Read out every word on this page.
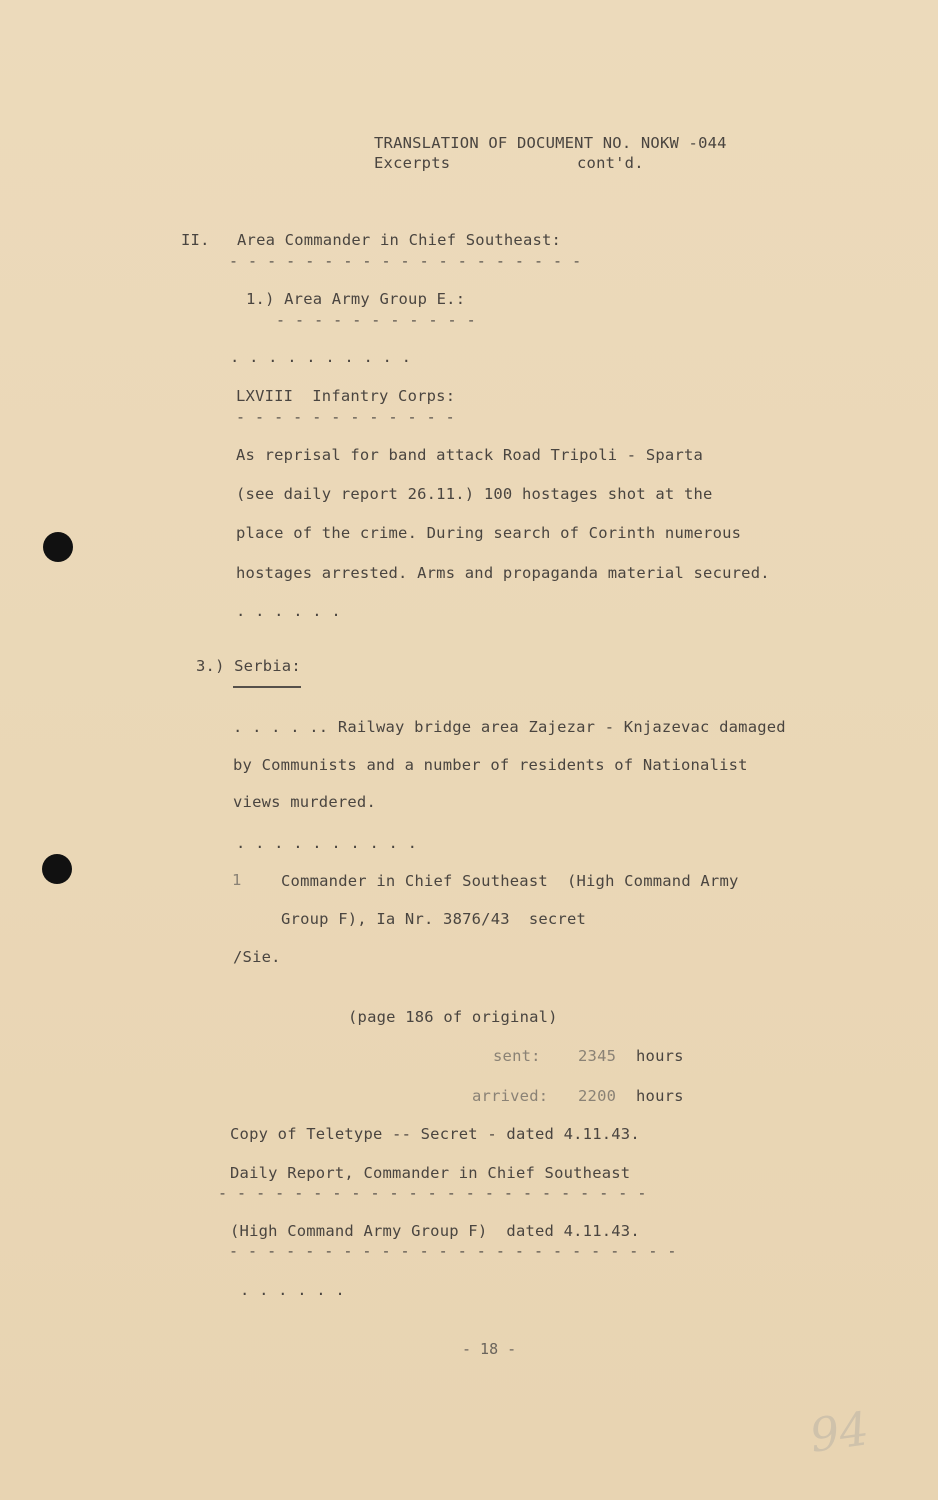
TRANSLATION OF DOCUMENT NO. NOKW -044
Excerpts	cont'd.
II. Area Commander in Chief Southeast:
- - - - - - - - - - - - - - - - - - -
1.) Area Army Group E.:
- - - - - - - - - - -
. . . . . . . . . .
LXVIII  Infantry Corps:
- - - - - - - - - - - -
As reprisal for band attack Road Tripoli - Sparta
(see daily report 26.11.) 100 hostages shot at the
place of the crime. During search of Corinth numerous
hostages arrested. Arms and propaganda material secured.
. . . . . .
3.) Serbia:
. . . . .. Railway bridge area Zajezar - Knjazevac damaged
by Communists and a number of residents of Nationalist
views murdered.
. . . . . . . . . .
1	Commander in Chief Southeast  (High Command Army
Group F), Ia Nr. 3876/43  secret
/Sie.
(page 186 of original)
sent: 2345 hours
arrived: 2200 hours
Copy of Teletype -- Secret - dated 4.11.43.
Daily Report, Commander in Chief Southeast
- - - - - - - - - - - - - - - - - - - - - - -
(High Command Army Group F)  dated 4.11.43.
- - - - - - - - - - - - - - - - - - - - - - - -
. . . . . .
- 18 -
94
